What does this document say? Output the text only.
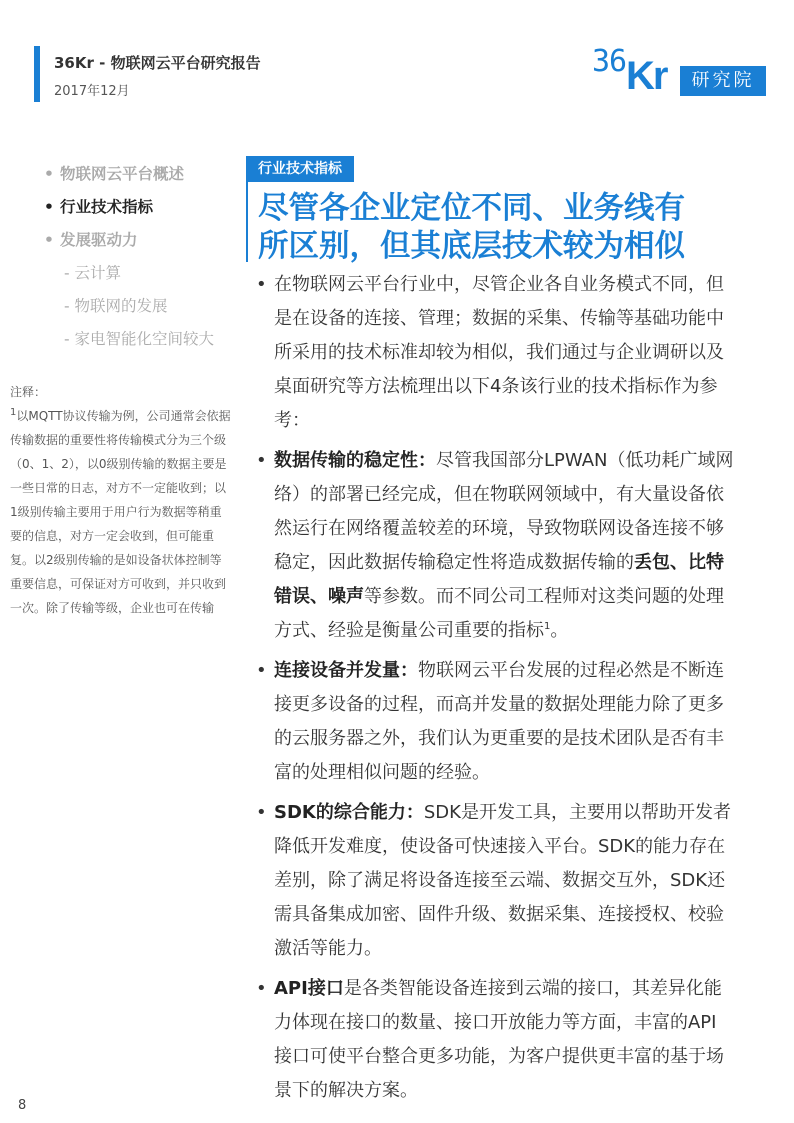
36Kr - 物联网云平台研究报告
2017年12月
36 Kr	研究院
• 物联网云平台概述
• 行业技术指标
• 发展驱动力
- 云计算
- 物联网的发展
- 家电智能化空间较大
注释：
$^1$以MQTT协议传输为例，公司通常会依据传输数据的重要性将传输模式分为三个级（0、1、2），以0级别传输的数据主要是一些日常的日志，对方不一定能收到；以1级别传输主要用于用户行为数据等稍重要的信息，对方一定会收到，但可能重复。以2级别传输的是如设备状体控制等重要信息，可保证对方可收到，并只收到一次。除了传输等级，企业也可在传输
行业技术指标
尽管各企业定位不同、业务线有
所区别，但其底层技术较为相似
• 在物联网云平台行业中，尽管企业各自业务模式不同，但是在设备的连接、管理；数据的采集、传输等基础功能中所采用的技术标准却较为相似，我们通过与企业调研以及桌面研究等方法梳理出以下4条该行业的技术指标作为参考：
• 数据传输的稳定性：尽管我国部分LPWAN（低功耗广域网络）的部署已经完成，但在物联网领域中，有大量设备依然运行在网络覆盖较差的环境，导致物联网设备连接不够稳定，因此数据传输稳定性将造成数据传输的丢包、比特错误、噪声等参数。而不同公司工程师对这类问题的处理方式、经验是衡量公司重要的指标$^1$。
• 连接设备并发量：物联网云平台发展的过程必然是不断连接更多设备的过程，而高并发量的数据处理能力除了更多的云服务器之外，我们认为更重要的是技术团队是否有丰富的处理相似问题的经验。
• SDK的综合能力：SDK是开发工具，主要用以帮助开发者降低开发难度，使设备可快速接入平台。SDK的能力存在差别，除了满足将设备连接至云端、数据交互外，SDK还需具备集成加密、固件升级、数据采集、连接授权、校验激活等能力。
• API接口是各类智能设备连接到云端的接口，其差异化能力体现在接口的数量、接口开放能力等方面，丰富的API接口可使平台整合更多功能，为客户提供更丰富的基于场景下的解决方案。
8
